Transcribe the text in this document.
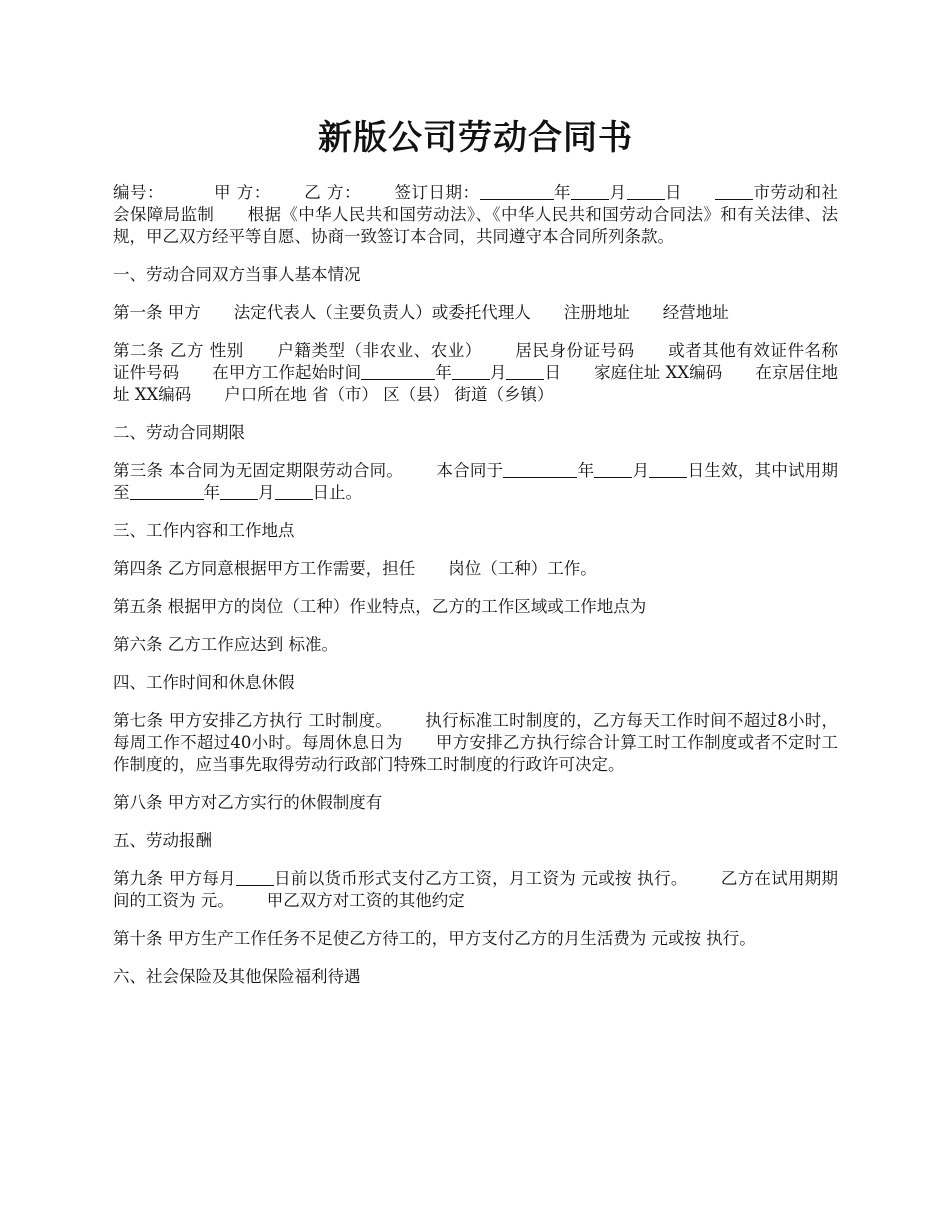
新版公司劳动合同书

编号：	甲 方： 乙 方： 签订日期：	年 月 日	市劳动和社会保障局监制 根据《中华人民共和国劳动法》、《中华人民共和国劳动合同法》和有关法律、法规，甲乙双方经平等自愿、协商一致签订本合同，共同遵守本合同所列条款。

一、劳动合同双方当事人基本情况

第一条 甲方 法定代表人（主要负责人）或委托代理人 注册地址 经营地址

第二条 乙方 性别 户籍类型（非农业、农业） 居民身份证号码 或者其他有效证件名称 证件号码 在甲方工作起始时间	年 月 日 家庭住址 XX编码 在京居住地址 XX编码 户口所在地 省（市） 区（县） 街道（乡镇）

二、劳动合同期限

第三条 本合同为无固定期限劳动合同。 本合同于	年 月 日生效，其中试用期至	年 月 日止。

三、工作内容和工作地点

第四条 乙方同意根据甲方工作需要，担任 岗位（工种）工作。

第五条 根据甲方的岗位（工种）作业特点，乙方的工作区域或工作地点为

第六条 乙方工作应达到 标准。

四、工作时间和休息休假

第七条 甲方安排乙方执行 工时制度。 执行标准工时制度的，乙方每天工作时间不超过8小时，每周工作不超过40小时。每周休息日为 甲方安排乙方执行综合计算工时工作制度或者不定时工作制度的，应当事先取得劳动行政部门特殊工时制度的行政许可决定。

第八条 甲方对乙方实行的休假制度有

五、劳动报酬

第九条 甲方每月 日前以货币形式支付乙方工资，月工资为 元或按 执行。 乙方在试用期期间的工资为 元。 甲乙双方对工资的其他约定

第十条 甲方生产工作任务不足使乙方待工的，甲方支付乙方的月生活费为 元或按 执行。

六、社会保险及其他保险福利待遇
